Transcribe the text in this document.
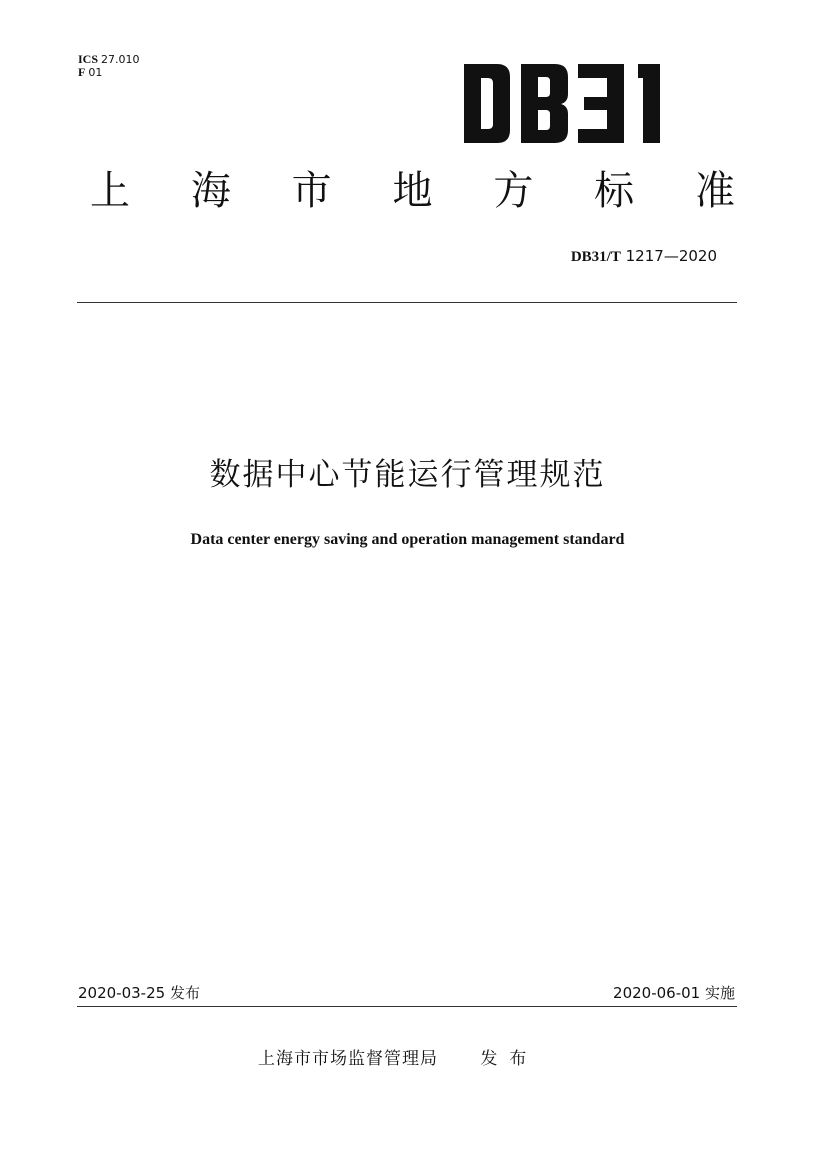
ICS 27.010
F 01
上 海 市 地 方 标 准
DB31/T 1217—2020
数据中心节能运行管理规范
Data center energy saving and operation management standard
2020-03-25 发布	2020-06-01 实施
上海市市场监督管理局 发布
